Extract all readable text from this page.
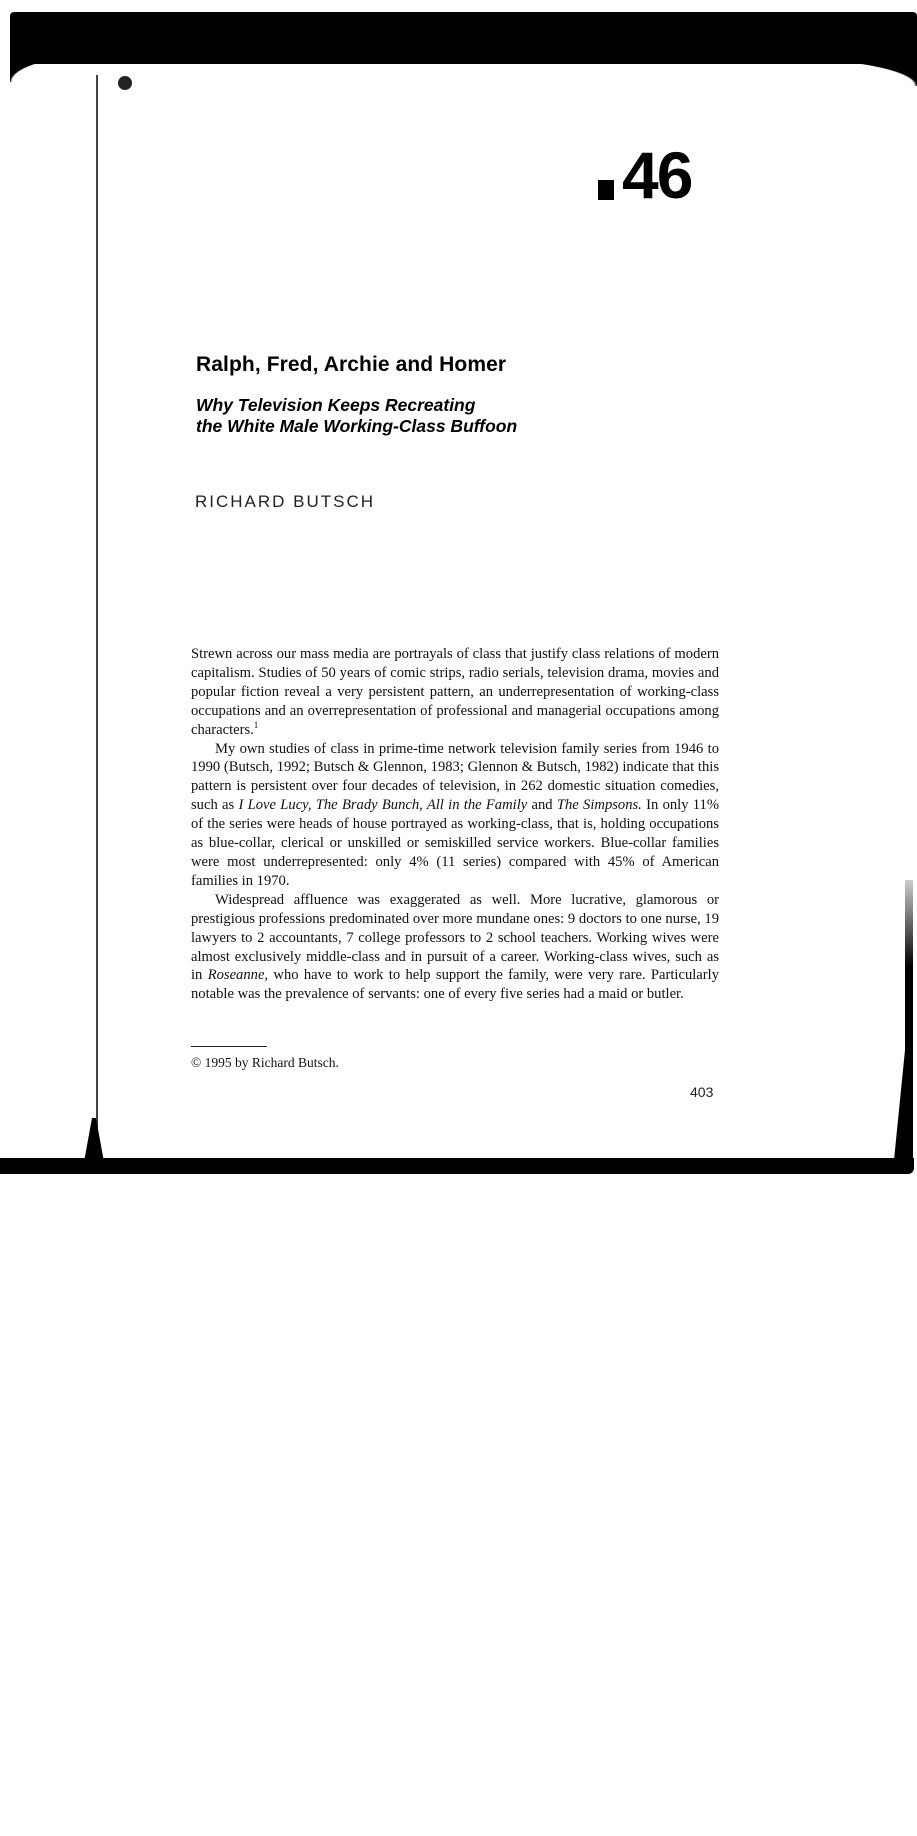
46
Ralph, Fred, Archie and Homer
Why Television Keeps Recreating
the White Male Working-Class Buffoon
RICHARD BUTSCH

Strewn across our mass media are portrayals of class that justify class relations of modern capitalism. Studies of 50 years of comic strips, radio serials, television drama, movies and popular fiction reveal a very persistent pattern, an underrepresentation of working-class occupations and an overrepresentation of professional and managerial occupations among characters.$^1$

My own studies of class in prime-time network television family series from 1946 to 1990 (Butsch, 1992; Butsch & Glennon, 1983; Glennon & Butsch, 1982) indicate that this pattern is persistent over four decades of television, in 262 domestic situation comedies, such as I Love Lucy, The Brady Bunch, All in the Family and The Simpsons. In only 11% of the series were heads of house portrayed as working-class, that is, holding occupations as blue-collar, clerical or unskilled or semiskilled service workers. Blue-collar families were most underrepresented: only 4% (11 series) compared with 45% of American families in 1970.

Widespread affluence was exaggerated as well. More lucrative, glamorous or prestigious professions predominated over more mundane ones: 9 doctors to one nurse, 19 lawyers to 2 accountants, 7 college professors to 2 school teachers. Working wives were almost exclusively middle-class and in pursuit of a career. Working-class wives, such as in Roseanne, who have to work to help support the family, were very rare. Particularly notable was the prevalence of servants: one of every five series had a maid or butler.

© 1995 by Richard Butsch.
403
